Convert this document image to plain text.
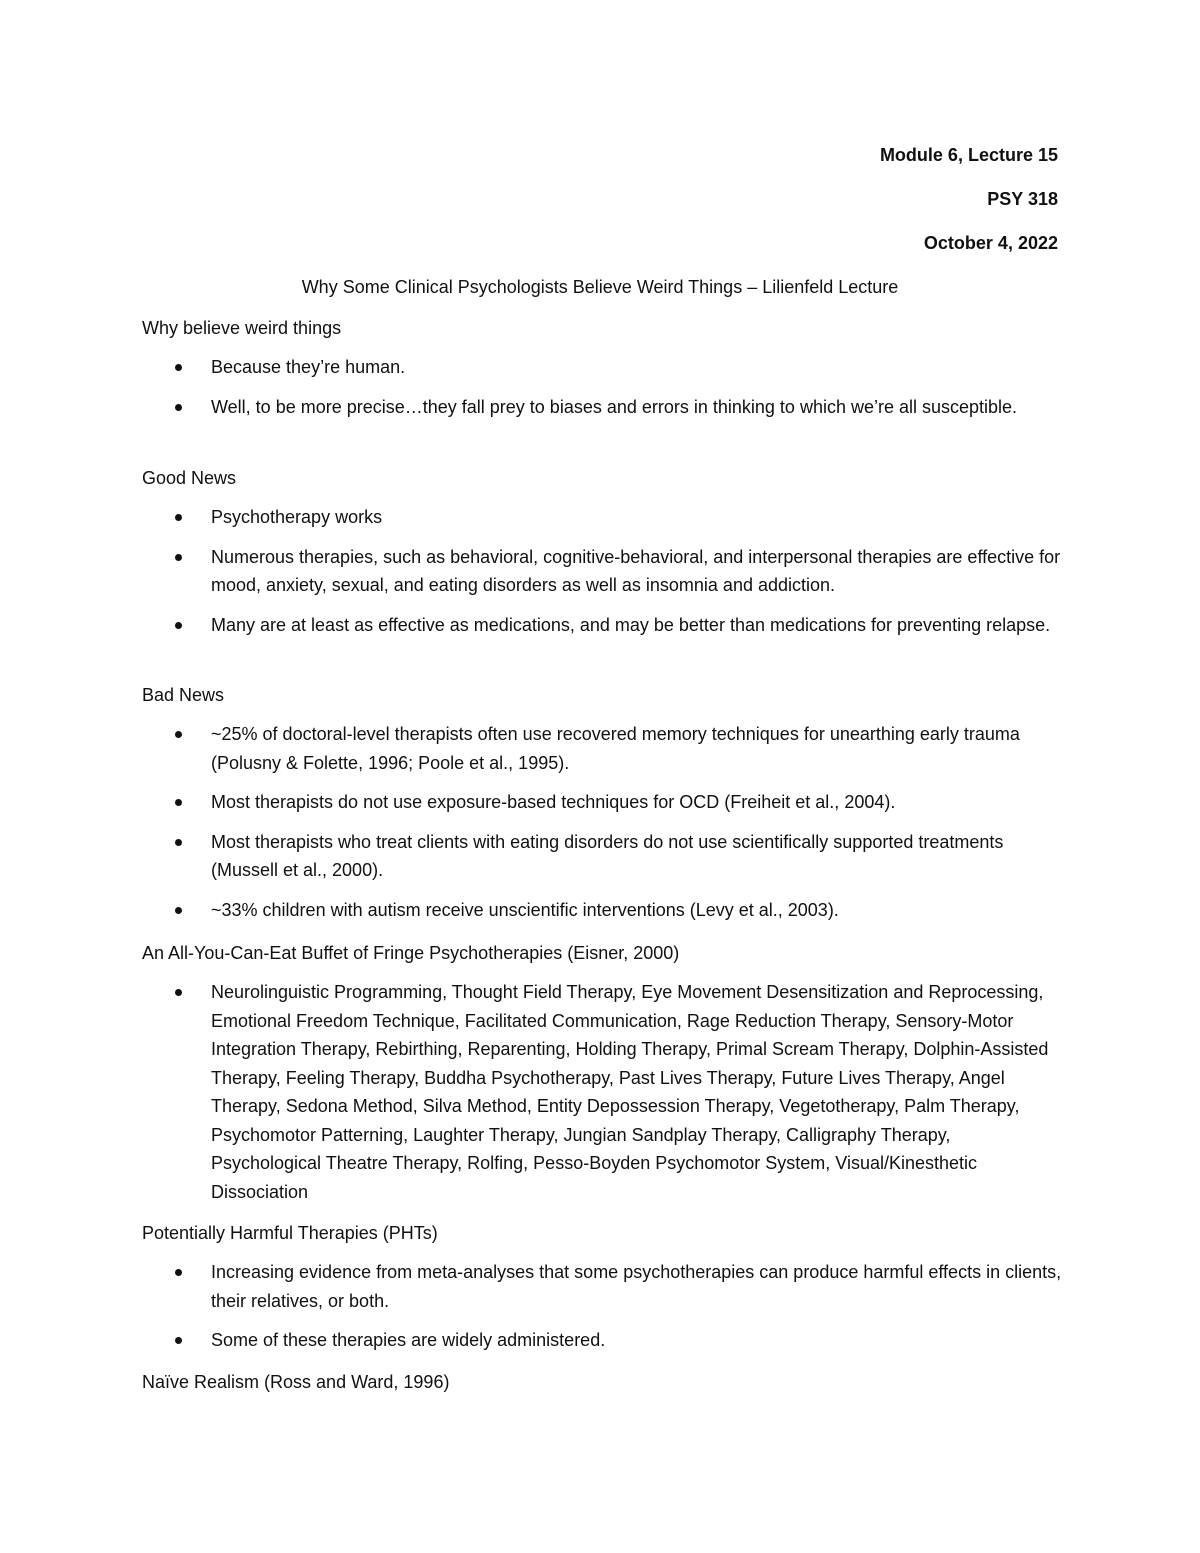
Module 6, Lecture 15
PSY 318
October 4, 2022
Why Some Clinical Psychologists Believe Weird Things – Lilienfeld Lecture

Why believe weird things

Because they’re human.
Well, to be more precise…they fall prey to biases and errors in thinking to which we’re all susceptible.

Good News

Psychotherapy works
Numerous therapies, such as behavioral, cognitive-behavioral, and interpersonal therapies are effective for mood, anxiety, sexual, and eating disorders as well as insomnia and addiction.
Many are at least as effective as medications, and may be better than medications for preventing relapse.

Bad News

~25% of doctoral-level therapists often use recovered memory techniques for unearthing early trauma (Polusny & Folette, 1996; Poole et al., 1995).
Most therapists do not use exposure-based techniques for OCD (Freiheit et al., 2004).
Most therapists who treat clients with eating disorders do not use scientifically supported treatments (Mussell et al., 2000).
~33% children with autism receive unscientific interventions (Levy et al., 2003).

An All-You-Can-Eat Buffet of Fringe Psychotherapies (Eisner, 2000)

Neurolinguistic Programming, Thought Field Therapy, Eye Movement Desensitization and Reprocessing, Emotional Freedom Technique, Facilitated Communication, Rage Reduction Therapy, Sensory-Motor Integration Therapy, Rebirthing, Reparenting, Holding Therapy, Primal Scream Therapy, Dolphin-Assisted Therapy, Feeling Therapy, Buddha Psychotherapy, Past Lives Therapy, Future Lives Therapy, Angel Therapy, Sedona Method, Silva Method, Entity Depossession Therapy, Vegetotherapy, Palm Therapy, Psychomotor Patterning, Laughter Therapy, Jungian Sandplay Therapy, Calligraphy Therapy, Psychological Theatre Therapy, Rolfing, Pesso-Boyden Psychomotor System, Visual/Kinesthetic Dissociation

Potentially Harmful Therapies (PHTs)

Increasing evidence from meta-analyses that some psychotherapies can produce harmful effects in clients, their relatives, or both.
Some of these therapies are widely administered.

Naïve Realism (Ross and Ward, 1996)
